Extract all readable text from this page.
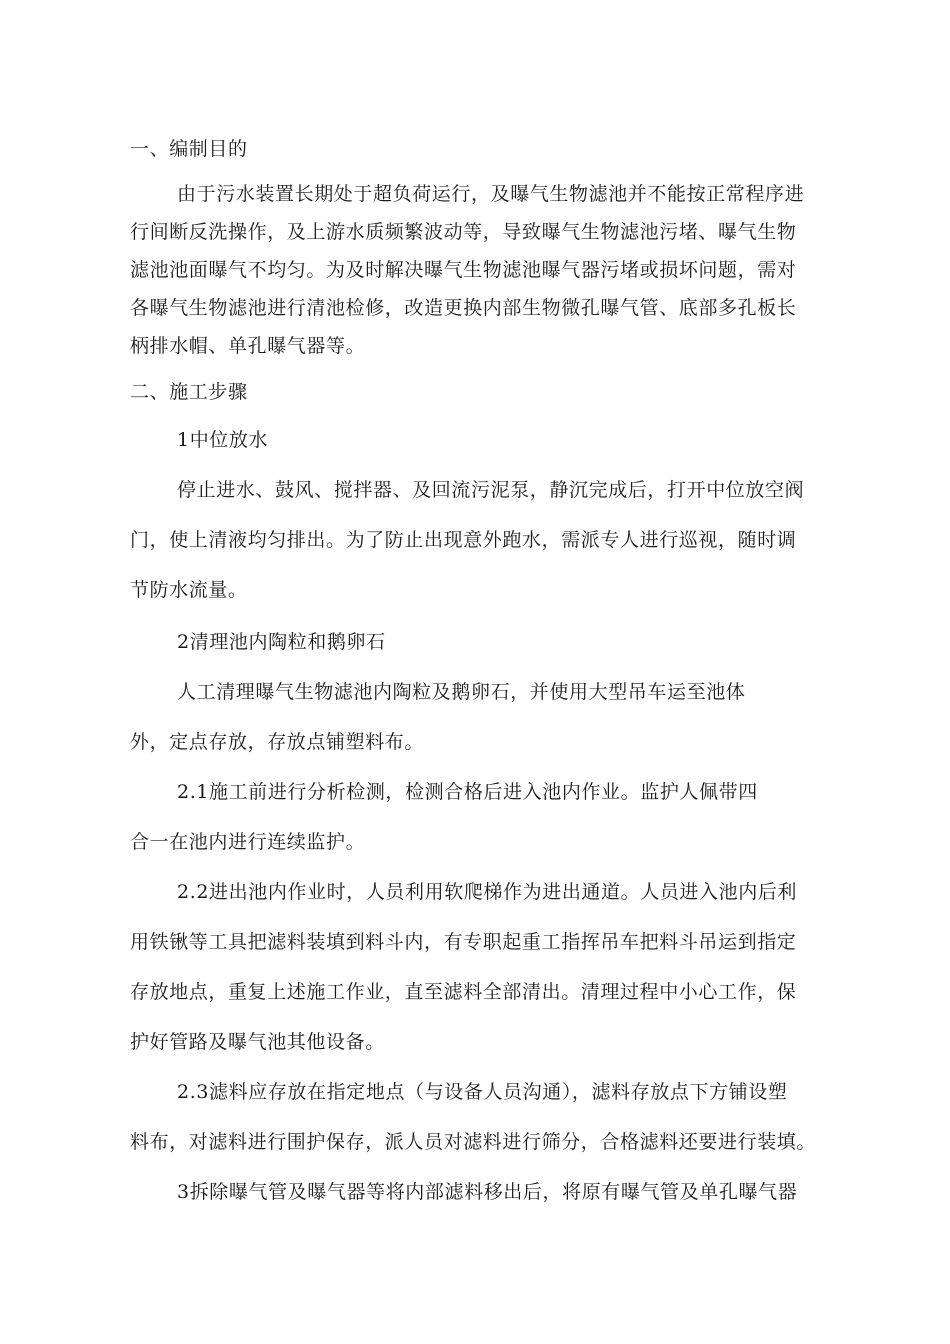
一、编制目的
由于污水装置长期处于超负荷运行，及曝气生物滤池并不能按正常程序进
行间断反洗操作，及上游水质频繁波动等，导致曝气生物滤池污堵、曝气生物
滤池池面曝气不均匀。为及时解决曝气生物滤池曝气器污堵或损坏问题，需对
各曝气生物滤池进行清池检修，改造更换内部生物微孔曝气管、底部多孔板长
柄排水帽、单孔曝气器等。
二、施工步骤
1中位放水
停止进水、鼓风、搅拌器、及回流污泥泵，静沉完成后，打开中位放空阀
门，使上清液均匀排出。为了防止出现意外跑水，需派专人进行巡视，随时调
节防水流量。
2清理池内陶粒和鹅卵石
人工清理曝气生物滤池内陶粒及鹅卵石，并使用大型吊车运至池体
外，定点存放，存放点铺塑料布。
2.1施工前进行分析检测，检测合格后进入池内作业。监护人佩带四
合一在池内进行连续监护。
2.2进出池内作业时，人员利用软爬梯作为进出通道。人员进入池内后利
用铁锹等工具把滤料装填到料斗内，有专职起重工指挥吊车把料斗吊运到指定
存放地点，重复上述施工作业，直至滤料全部清出。清理过程中小心工作，保
护好管路及曝气池其他设备。
2.3滤料应存放在指定地点（与设备人员沟通），滤料存放点下方铺设塑
料布，对滤料进行围护保存，派人员对滤料进行筛分，合格滤料还要进行装填。
3拆除曝气管及曝气器等将内部滤料移出后，将原有曝气管及单孔曝气器
